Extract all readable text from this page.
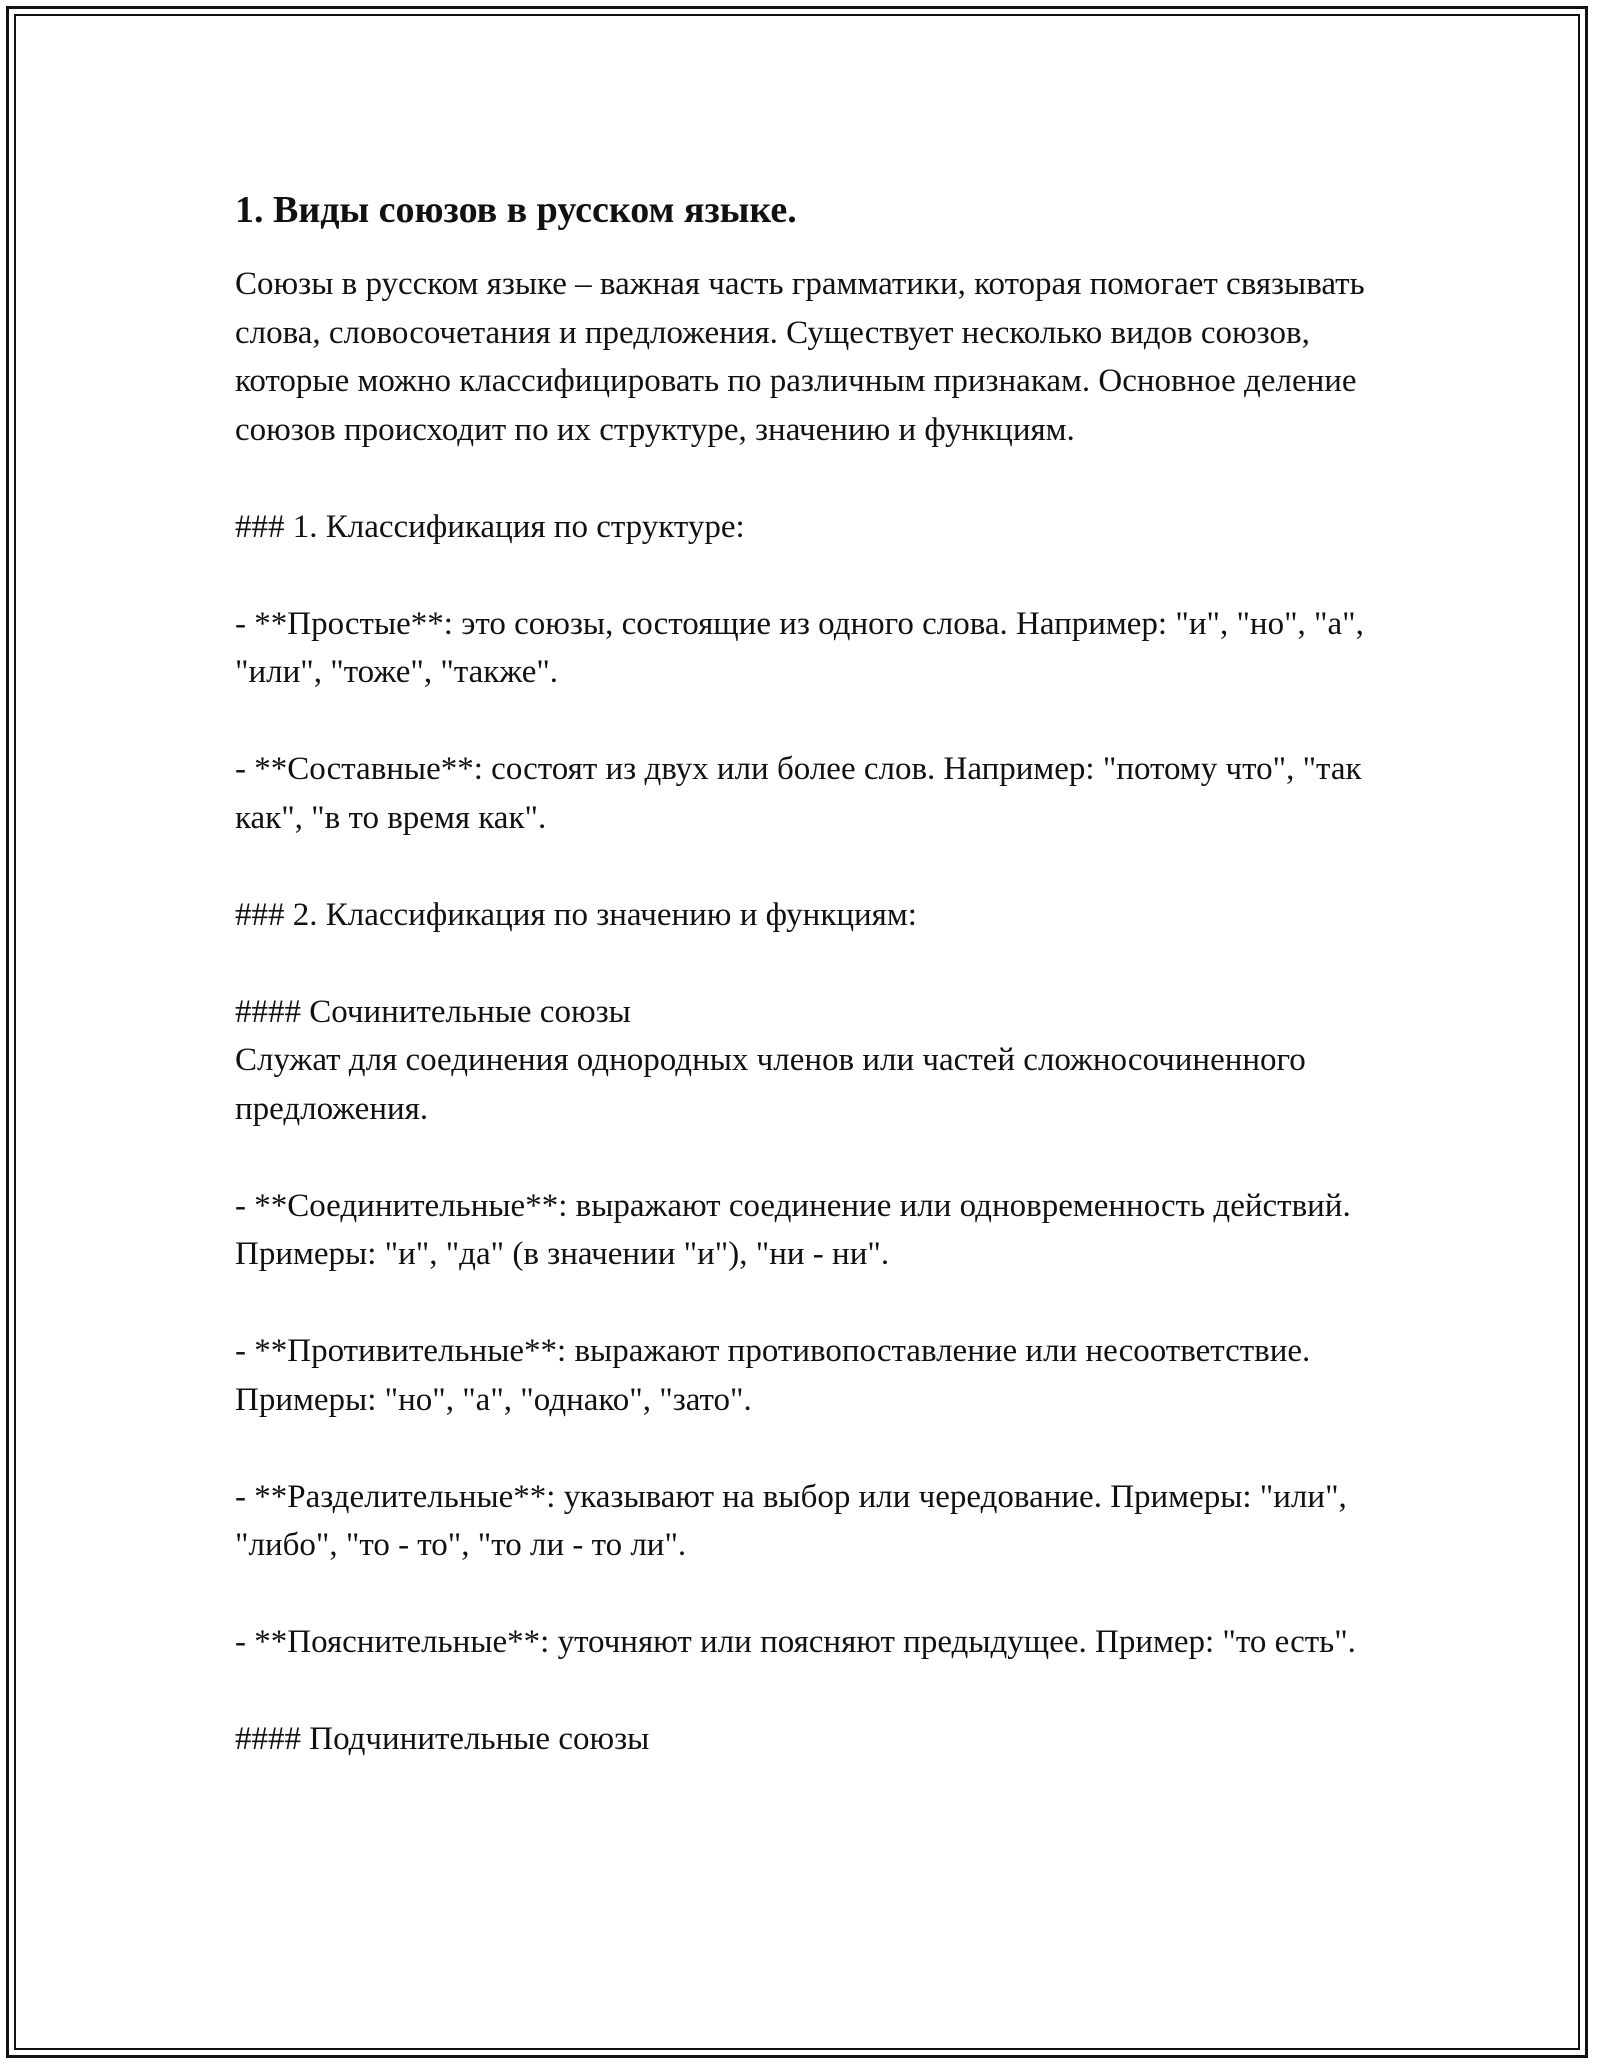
1. Виды союзов в русском языке.

Союзы в русском языке – важная часть грамматики, которая помогает связывать слова, словосочетания и предложения. Существует несколько видов союзов, которые можно классифицировать по различным признакам. Основное деление союзов происходит по их структуре, значению и функциям.

### 1. Классификация по структуре:

- **Простые**: это союзы, состоящие из одного слова. Например: "и", "но", "а", "или", "тоже", "также".

- **Составные**: состоят из двух или более слов. Например: "потому что", "так как", "в то время как".

### 2. Классификация по значению и функциям:

#### Сочинительные союзы
Служат для соединения однородных членов или частей сложносочиненного предложения.

- **Соединительные**: выражают соединение или одновременность действий. Примеры: "и", "да" (в значении "и"), "ни - ни".

- **Противительные**: выражают противопоставление или несоответствие. Примеры: "но", "а", "однако", "зато".

- **Разделительные**: указывают на выбор или чередование. Примеры: "или", "либо", "то - то", "то ли - то ли".

- **Пояснительные**: уточняют или поясняют предыдущее. Пример: "то есть".

#### Подчинительные союзы
